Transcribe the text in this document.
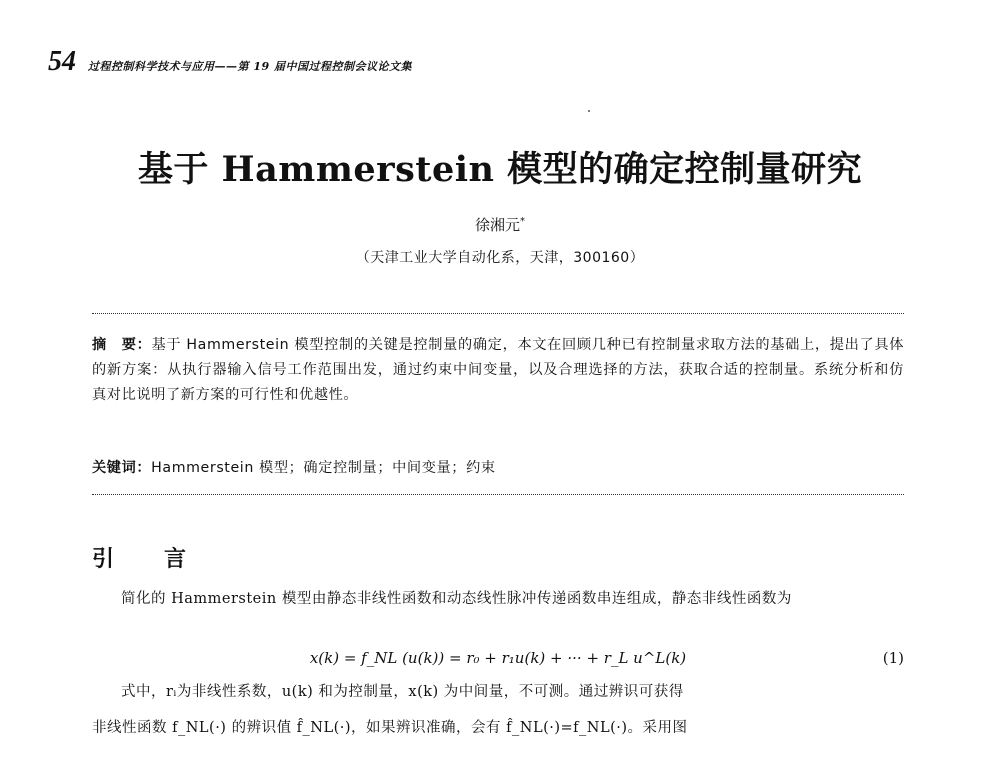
54 过程控制科学技术与应用——第 19 届中国过程控制会议论文集
基于 Hammerstein 模型的确定控制量研究
徐湘元*
（天津工业大学自动化系，天津，300160）
摘　要：基于 Hammerstein 模型控制的关键是控制量的确定，本文在回顾几种已有控制量求取方法的基础上，提出了具体的新方案：从执行器输入信号工作范围出发，通过约束中间变量，以及合理选择的方法，获取合适的控制量。系统分析和仿真对比说明了新方案的可行性和优越性。
关键词：Hammerstein 模型；确定控制量；中间变量；约束
引　言
简化的 Hammerstein 模型由静态非线性函数和动态线性脉冲传递函数串连组成，静态非线性函数为
x(k) = f_NL (u(k)) = r₀ + r₁u(k) + ··· + r_L u^L(k)	(1)
式中，rᵢ为非线性系数，u(k) 和为控制量，x(k) 为中间量，不可测。通过辨识可获得
非线性函数 f_NL(·) 的辨识值 f̂_NL(·)，如果辨识准确，会有 f̂_NL(·)=f_NL(·)。采用图
